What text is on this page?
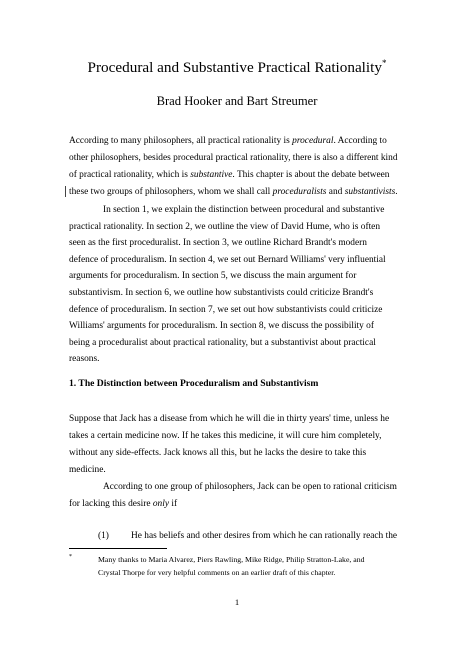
Procedural and Substantive Practical Rationality*
Brad Hooker and Bart Streumer
According to many philosophers, all practical rationality is procedural. According to
other philosophers, besides procedural practical rationality, there is also a different kind
of practical rationality, which is substantive. This chapter is about the debate between
these two groups of philosophers, whom we shall call proceduralists and substantivists.
In section 1, we explain the distinction between procedural and substantive
practical rationality. In section 2, we outline the view of David Hume, who is often
seen as the first proceduralist. In section 3, we outline Richard Brandt's modern
defence of proceduralism. In section 4, we set out Bernard Williams' very influential
arguments for proceduralism. In section 5, we discuss the main argument for
substantivism. In section 6, we outline how substantivists could criticize Brandt's
defence of proceduralism. In section 7, we set out how substantivists could criticize
Williams' arguments for proceduralism. In section 8, we discuss the possibility of
being a proceduralist about practical rationality, but a substantivist about practical
reasons.
1. The Distinction between Proceduralism and Substantivism
Suppose that Jack has a disease from which he will die in thirty years' time, unless he
takes a certain medicine now. If he takes this medicine, it will cure him completely,
without any side-effects. Jack knows all this, but he lacks the desire to take this
medicine.
According to one group of philosophers, Jack can be open to rational criticism
for lacking this desire only if
(1) He has beliefs and other desires from which he can rationally reach the
*	Many thanks to Maria Alvarez, Piers Rawling, Mike Ridge, Philip Stratton-Lake, and
Crystal Thorpe for very helpful comments on an earlier draft of this chapter.
1
